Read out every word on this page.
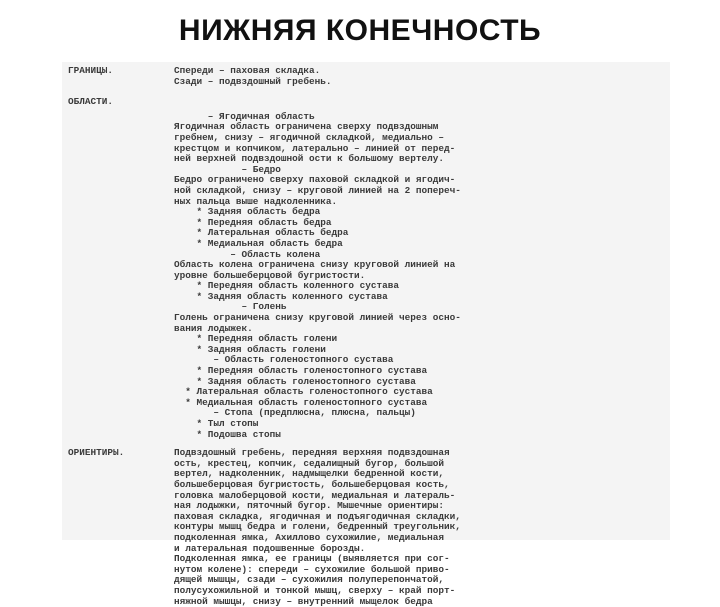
НИЖНЯЯ КОНЕЧНОСТЬ
ГРАНИЦЫ.	Спереди – паховая складка.
Сзади – подвздошный гребень.
ОБЛАСТИ.
– Ягодичная область
Ягодичная область ограничена сверху подвздошным
гребнем, снизу – ягодичной складкой, медиально –
крестцом и копчиком, латерально – линией от перед-
ней верхней подвздошной ости к большому вертелу.
– Бедро
Бедро ограничено сверху паховой складкой и ягодич-
ной складкой, снизу – круговой линией на 2 попереч-
ных пальца выше надколенника.
* Задняя область бедра
* Передняя область бедра
* Латеральная область бедра
* Медиальная область бедра
– Область колена
Область колена ограничена снизу круговой линией на
уровне большеберцовой бугристости.
* Передняя область коленного сустава
* Задняя область коленного сустава
– Голень
Голень ограничена снизу круговой линией через осно-
вания лодыжек.
* Передняя область голени
* Задняя область голени
– Область голеностопного сустава
* Передняя область голеностопного сустава
* Задняя область голеностопного сустава
* Латеральная область голеностопного сустава
* Медиальная область голеностопного сустава
– Стопа (предплюсна, плюсна, пальцы)
* Тыл стопы
* Подошва стопы
ОРИЕНТИРЫ.	Подвздошный гребень, передняя верхняя подвздошная
ость, крестец, копчик, седалищный бугор, большой
вертел, надколенник, надмыщелки бедренной кости,
большеберцовая бугристость, большеберцовая кость,
головка малоберцовой кости, медиальная и латераль-
ная лодыжки, пяточный бугор. Мышечные ориентиры:
паховая складка, ягодичная и подъягодичная складки,
контуры мышц бедра и голени, бедренный треугольник,
подколенная ямка, Ахиллово сухожилие, медиальная
и латеральная подошвенные борозды.
Подколенная ямка, ее границы (выявляется при сог-
нутом колене): спереди – сухожилие большой приво-
дящей мышцы, сзади – сухожилия полуперепончатой,
полусухожильной и тонкой мышц, сверху – край порт-
няжной мышцы, снизу – внутренний мыщелок бедра
